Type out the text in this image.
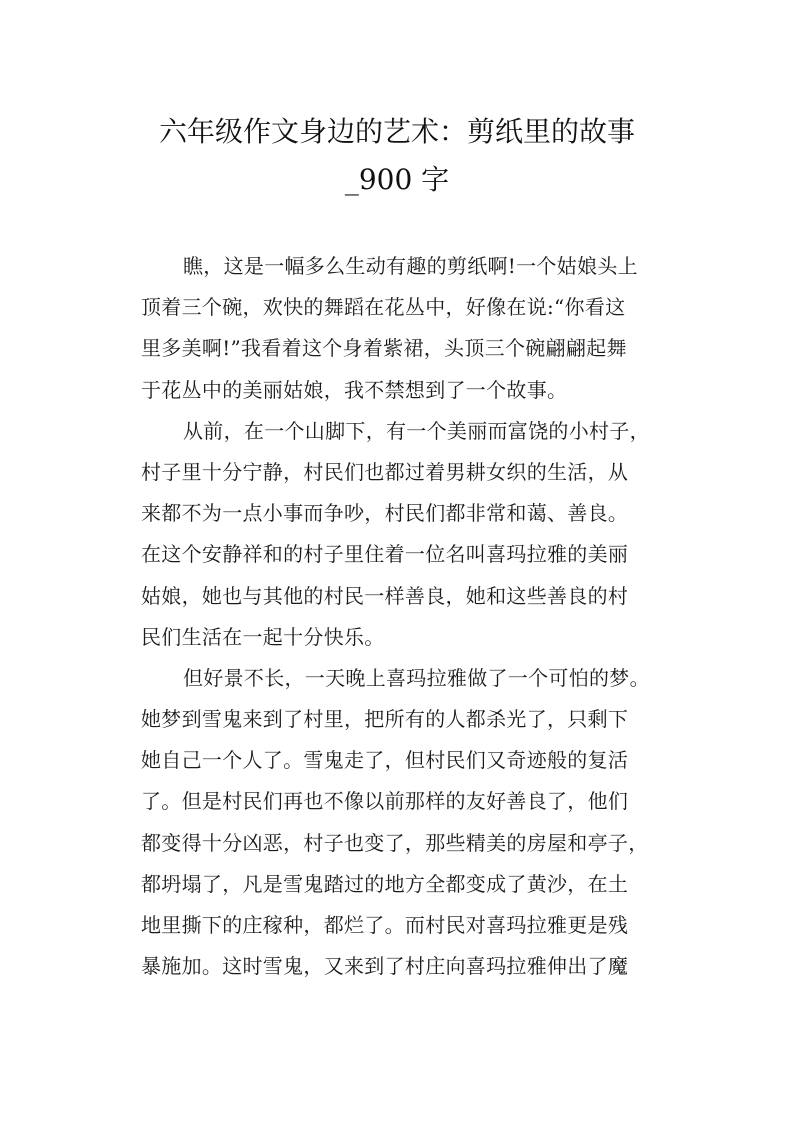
六年级作文身边的艺术：剪纸里的故事
_900 字
瞧，这是一幅多么生动有趣的剪纸啊!一个姑娘头上
顶着三个碗，欢快的舞蹈在花丛中，好像在说:“你看这
里多美啊!”我看着这个身着紫裙，头顶三个碗翩翩起舞
于花丛中的美丽姑娘，我不禁想到了一个故事。
从前，在一个山脚下，有一个美丽而富饶的小村子，
村子里十分宁静，村民们也都过着男耕女织的生活，从
来都不为一点小事而争吵，村民们都非常和蔼、善良。
在这个安静祥和的村子里住着一位名叫喜玛拉雅的美丽
姑娘，她也与其他的村民一样善良，她和这些善良的村
民们生活在一起十分快乐。
但好景不长，一天晚上喜玛拉雅做了一个可怕的梦。
她梦到雪鬼来到了村里，把所有的人都杀光了，只剩下
她自己一个人了。雪鬼走了，但村民们又奇迹般的复活
了。但是村民们再也不像以前那样的友好善良了，他们
都变得十分凶恶，村子也变了，那些精美的房屋和亭子，
都坍塌了，凡是雪鬼踏过的地方全都变成了黄沙，在土
地里撕下的庄稼种，都烂了。而村民对喜玛拉雅更是残
暴施加。这时雪鬼，又来到了村庄向喜玛拉雅伸出了魔
